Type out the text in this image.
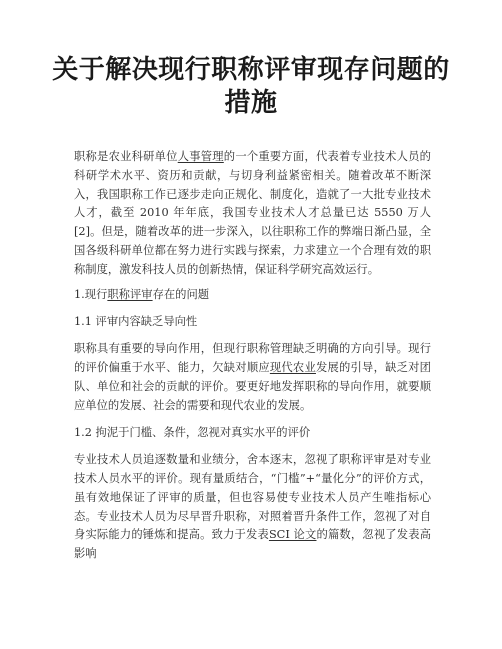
关于解决现行职称评审现存问题的措施

职称是农业科研单位人事管理的一个重要方面，代表着专业技术人员的科研学术水平、资历和贡献，与切身利益紧密相关。随着改革不断深入，我国职称工作已逐步走向正规化、制度化，造就了一大批专业技术人才，截至 2010 年年底，我国专业技术人才总量已达 5550 万人[2]。但是，随着改革的进一步深入，以往职称工作的弊端日渐凸显，全国各级科研单位都在努力进行实践与探索，力求建立一个合理有效的职称制度，激发科技人员的创新热情，保证科学研究高效运行。

1.现行职称评审存在的问题

1.1 评审内容缺乏导向性

职称具有重要的导向作用，但现行职称管理缺乏明确的方向引导。现行的评价偏重于水平、能力，欠缺对顺应现代农业发展的引导，缺乏对团队、单位和社会的贡献的评价。要更好地发挥职称的导向作用，就要顺应单位的发展、社会的需要和现代农业的发展。

1.2 拘泥于门槛、条件，忽视对真实水平的评价

专业技术人员追逐数量和业绩分，舍本逐末，忽视了职称评审是对专业技术人员水平的评价。现有量质结合，“门槛”+“量化分”的评价方式，虽有效地保证了评审的质量，但也容易使专业技术人员产生唯指标心态。专业技术人员为尽早晋升职称，对照着晋升条件工作，忽视了对自身实际能力的锤炼和提高。致力于发表SCI 论文的篇数，忽视了发表高影响
